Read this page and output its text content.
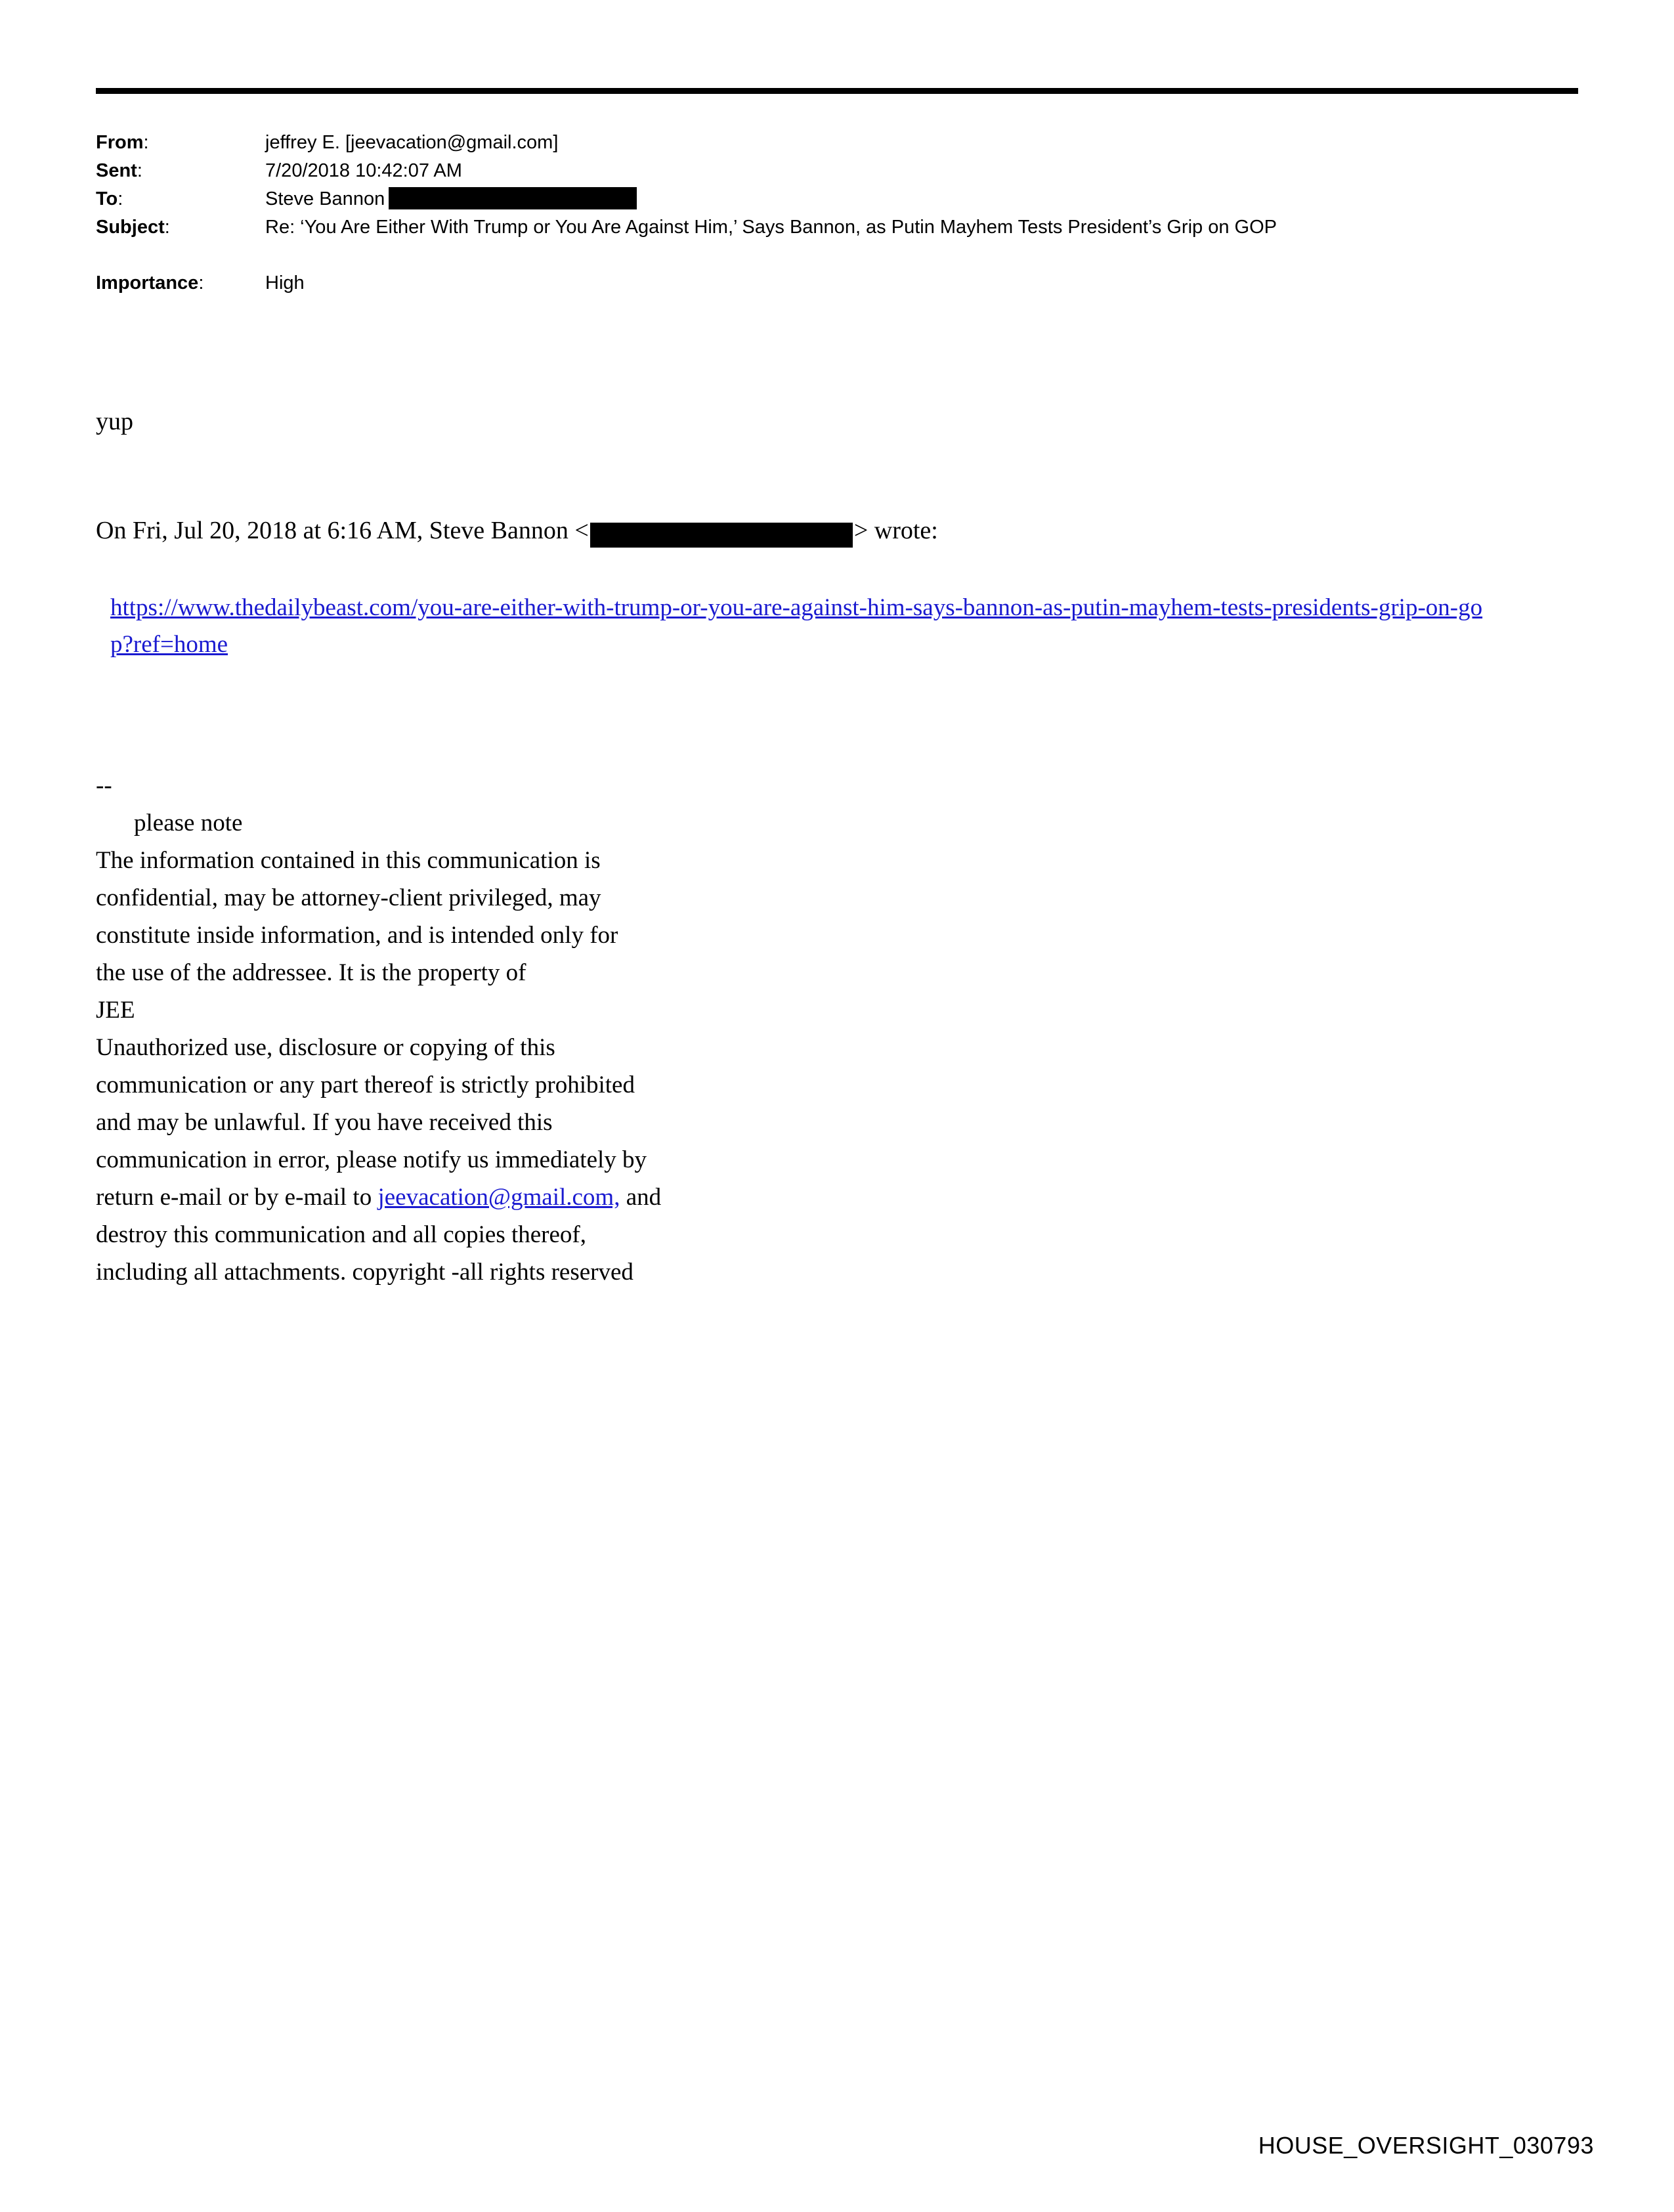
From:	jeffrey E. [jeevacation@gmail.com]
Sent:	7/20/2018 10:42:07 AM
To:	Steve Bannon
Subject:	Re: ‘You Are Either With Trump or You Are Against Him,’ Says Bannon, as Putin Mayhem Tests President’s Grip on GOP
Importance:	High
yup
On Fri, Jul 20, 2018 at 6:16 AM, Steve Bannon <	> wrote:
https://www.thedailybeast.com/you-are-either-with-trump-or-you-are-against-him-says-bannon-as-putin-mayhem-tests-presidents-grip-on-gop?ref=home
--
please note
The information contained in this communication is
confidential, may be attorney-client privileged, may
constitute inside information, and is intended only for
the use of the addressee. It is the property of
JEE
Unauthorized use, disclosure or copying of this
communication or any part thereof is strictly prohibited
and may be unlawful. If you have received this
communication in error, please notify us immediately by
return e-mail or by e-mail to jeevacation@gmail.com, and
destroy this communication and all copies thereof,
including all attachments. copyright -all rights reserved
HOUSE_OVERSIGHT_030793
